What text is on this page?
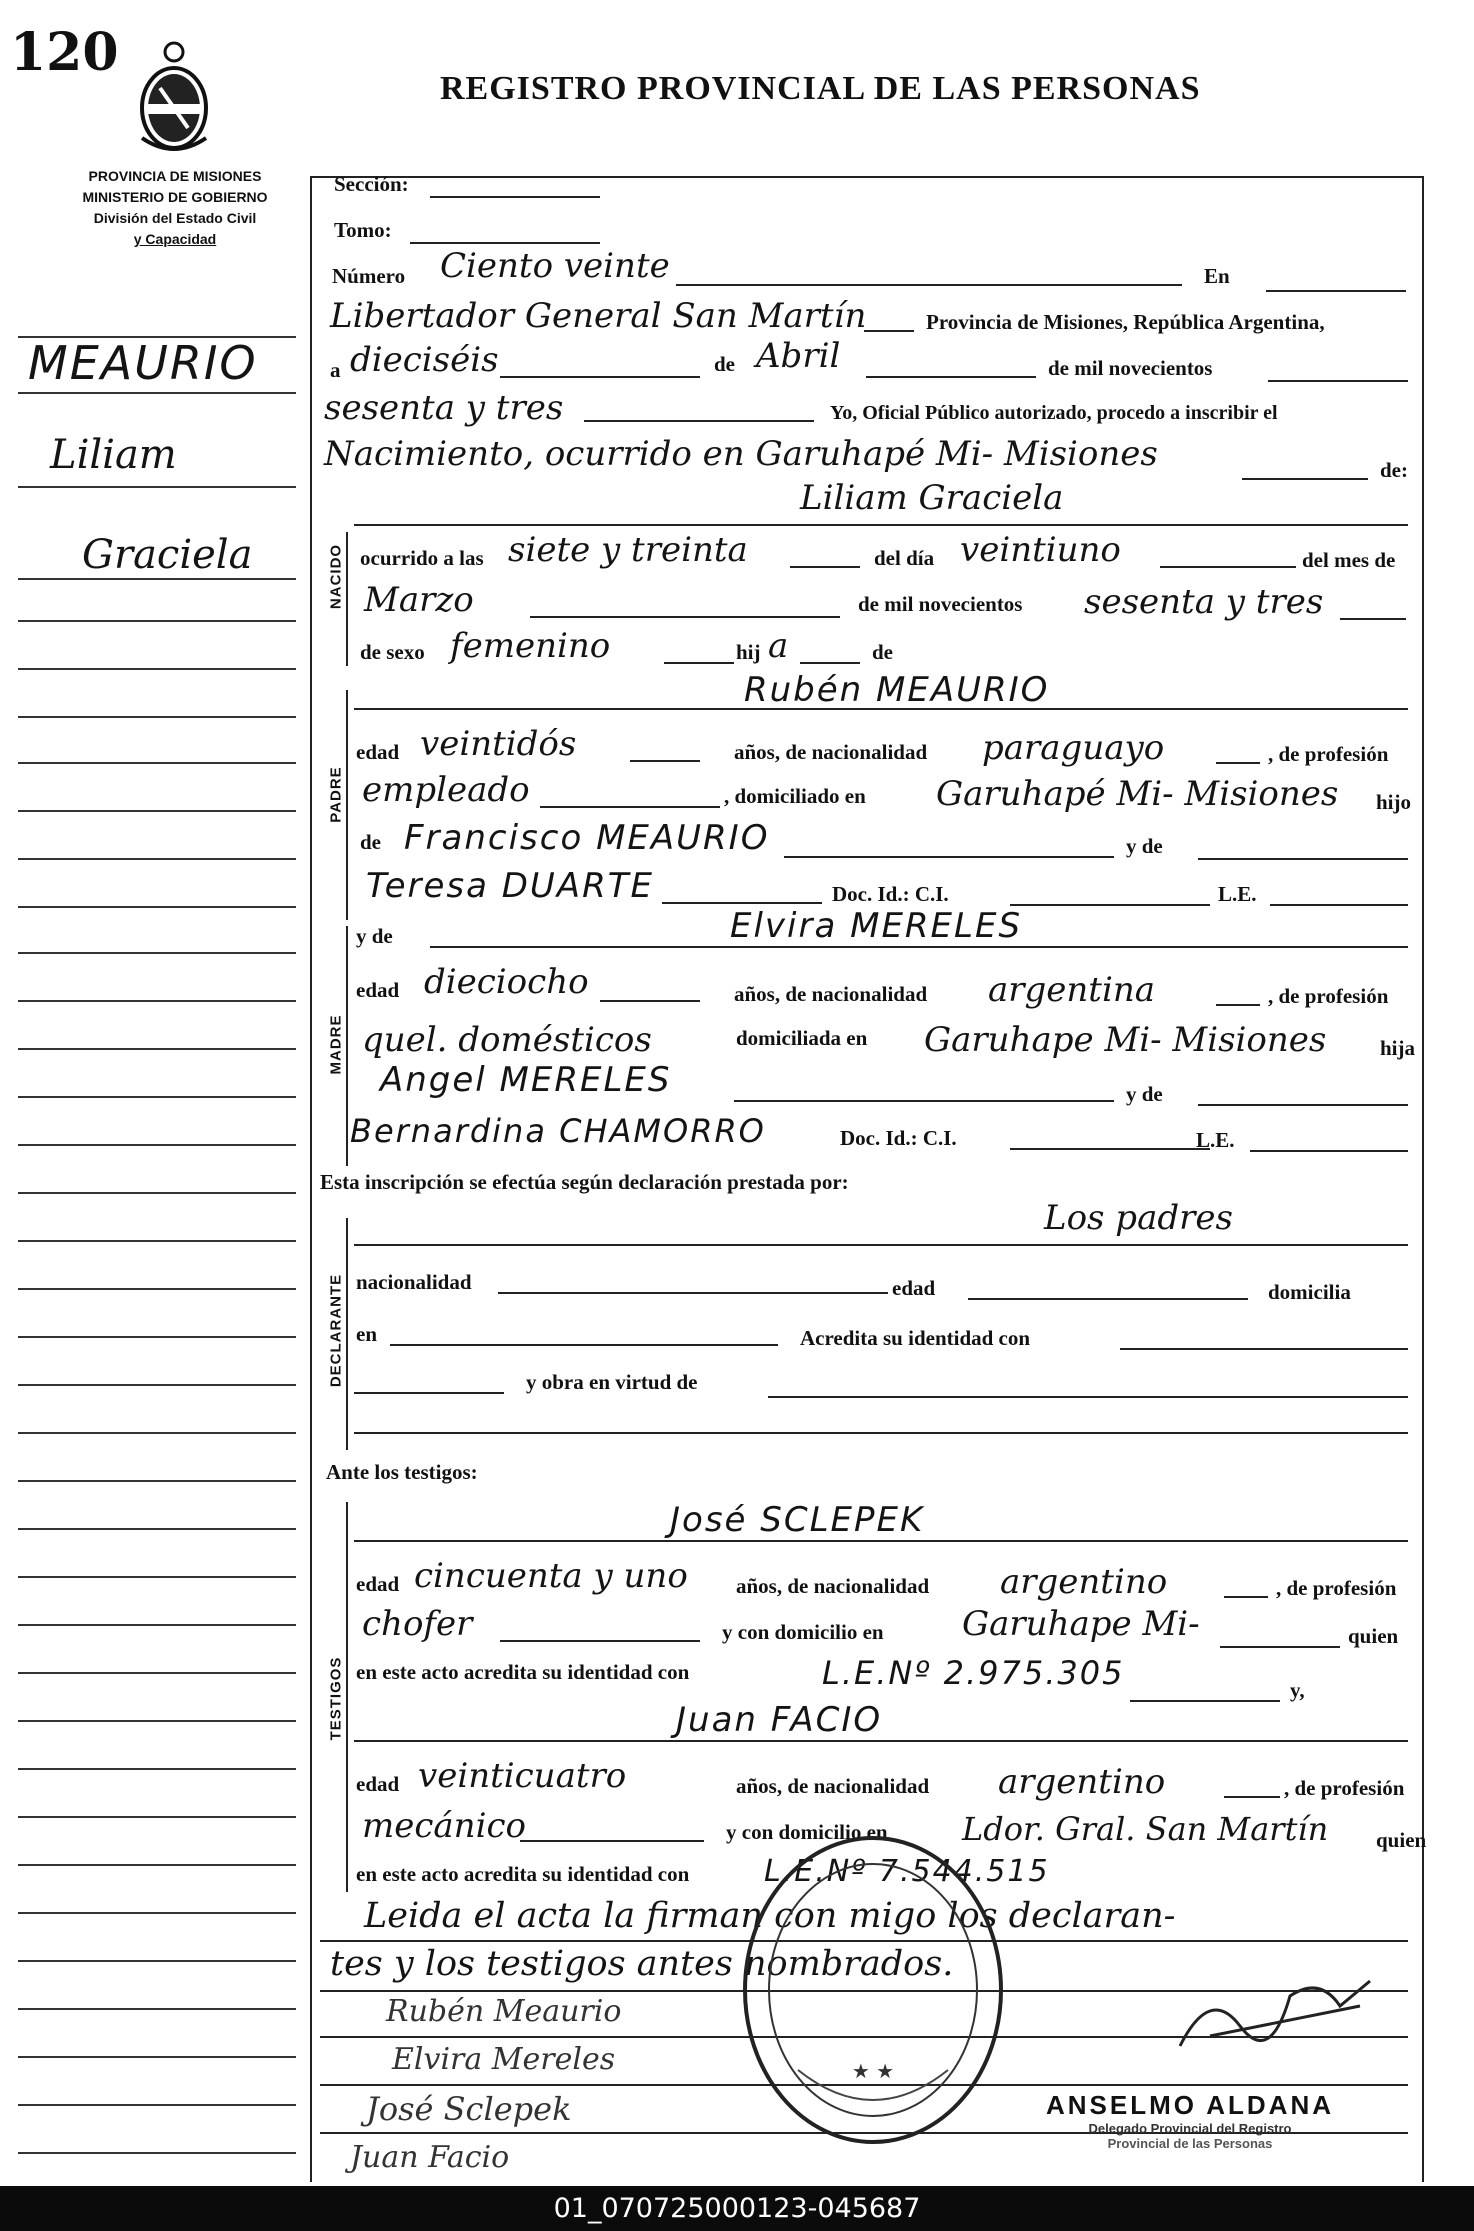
120
REGISTRO PROVINCIAL DE LAS PERSONAS
PROVINCIA DE MISIONES
MINISTERIO DE GOBIERNO
División del Estado Civil
y Capacidad
MEAURIO
Liliam
Graciela	NACIDO
PADRE
MADRE
DECLARANTE
TESTIGOS
Sección:
Tomo:
Número Ciento veinte	En
Libertador General San Martín	Provincia de Misiones, República Argentina,
a dieciséis	de Abril	de mil novecientos
sesenta y tres	Yo, Oficial Público autorizado, procedo a inscribir el
Nacimiento, ocurrido en Garuhapé Mi- Misiones	de:
Liliam Graciela
ocurrido a las siete y treinta	del día veintiuno	del mes de
Marzo	de mil novecientos sesenta y tres
de sexo femenino	hij a	de
Rubén MEAURIO
edad veintidós	años, de nacionalidad paraguayo	, de profesión
empleado	, domiciliado en Garuhapé Mi- Misiones hijo
de Francisco MEAURIO	y de
Teresa DUARTE	Doc. Id.: C.I.	L.E.
y de	Elvira MERELES
edad dieciocho	años, de nacionalidad argentina	, de profesión
quel. domésticos	domiciliada en Garuhape Mi- Misiones	hija
Angel MERELES	y de
Bernardina CHAMORRO	Doc. Id.: C.I.	L.E.
Esta inscripción se efectúa según declaración prestada por:
Los padres
nacionalidad	edad	domicilia
en	Acredita su identidad con
y obra en virtud de
Ante los testigos:
José SCLEPEK
edad cincuenta y uno años, de nacionalidad argentino	, de profesión
chofer	y con domicilio en Garuhape Mi-	quien
en este acto acredita su identidad con	L.E.Nº 2.975.305	y,
Juan FACIO
edad veinticuatro	años, de nacionalidad argentino	, de profesión
mecánico	y con domicilio en Ldor. Gral. San Martín quien
en este acto acredita su identidad con L.E.Nº 7.544.515
Leida el acta la firman con migo los declaran-
tes y los testigos antes nombrados.
Rubén Meaurio
Elvira Mereles
José Sclepek
Juan Facio
★ ★
ANSELMO ALDANA
Delegado Provincial del Registro
Provincial de las Personas
01_070725000123-045687
